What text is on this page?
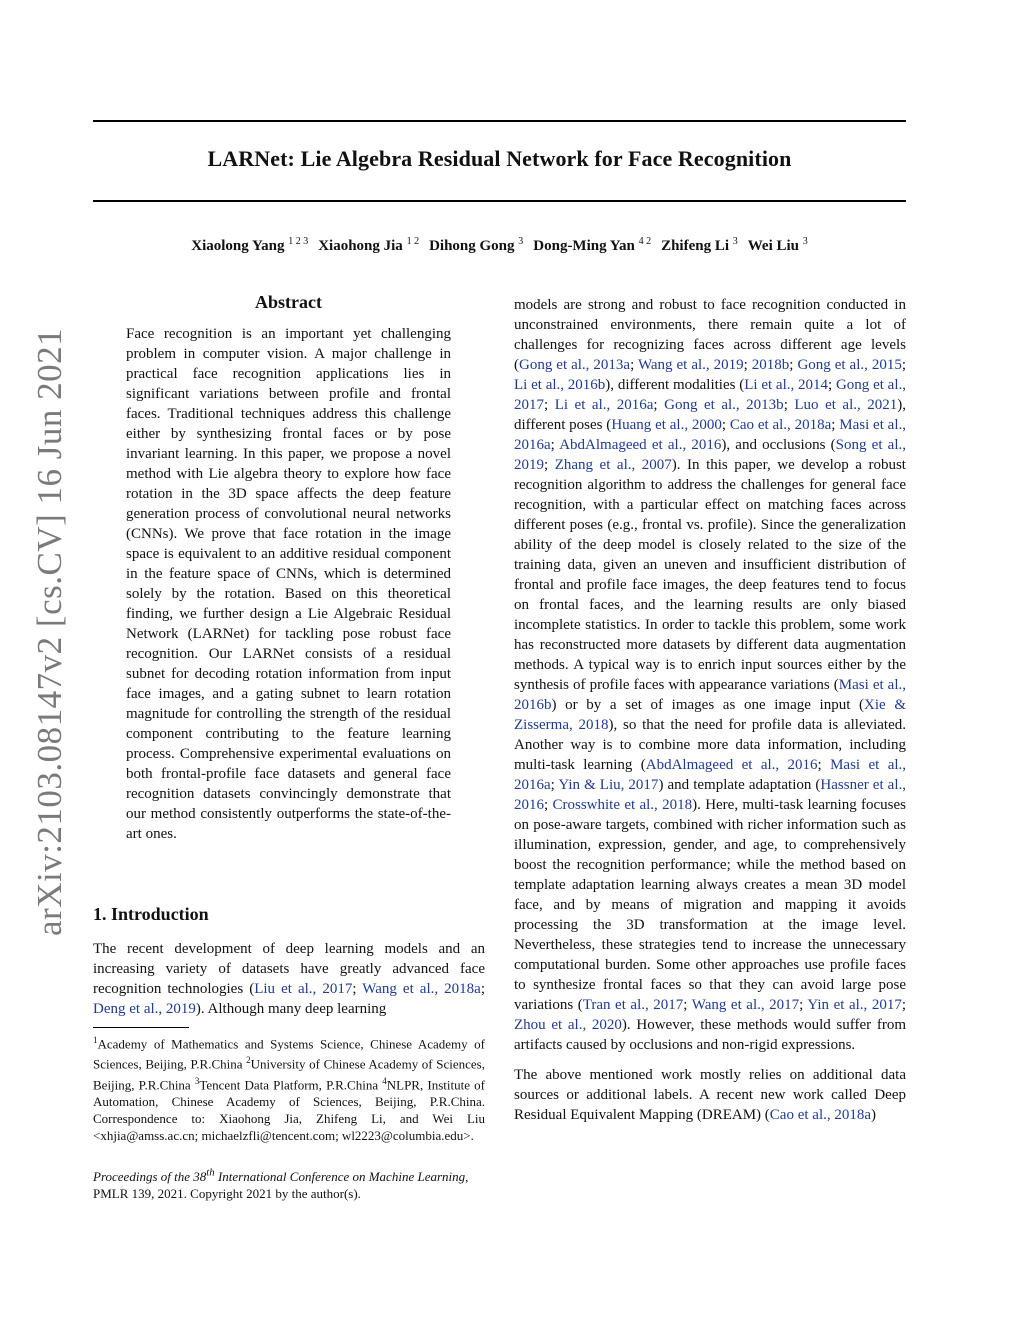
LARNet: Lie Algebra Residual Network for Face Recognition
Xiaolong Yang $^{1 2 3}$ Xiaohong Jia $^{1 2}$ Dihong Gong $^3$ Dong-Ming Yan $^{4 2}$ Zhifeng Li $^3$ Wei Liu $^3$
arXiv:2103.08147v2 [cs.CV] 16 Jun 2021
Abstract
Face recognition is an important yet challenging problem in computer vision. A major challenge in practical face recognition applications lies in significant variations between profile and frontal faces. Traditional techniques address this challenge either by synthesizing frontal faces or by pose invariant learning. In this paper, we propose a novel method with Lie algebra theory to explore how face rotation in the 3D space affects the deep feature generation process of convolutional neural networks (CNNs). We prove that face rotation in the image space is equivalent to an additive residual component in the feature space of CNNs, which is determined solely by the rotation. Based on this theoretical finding, we further design a Lie Algebraic Residual Network (LARNet) for tackling pose robust face recognition. Our LARNet consists of a residual subnet for decoding rotation information from input face images, and a gating subnet to learn rotation magnitude for controlling the strength of the residual component contributing to the feature learning process. Comprehensive experimental evaluations on both frontal-profile face datasets and general face recognition datasets convincingly demonstrate that our method consistently outperforms the state-of-the-art ones.
1. Introduction
The recent development of deep learning models and an increasing variety of datasets have greatly advanced face recognition technologies (Liu et al., 2017; Wang et al., 2018a; Deng et al., 2019). Although many deep learning
$^1$Academy of Mathematics and Systems Science, Chinese Academy of Sciences, Beijing, P.R.China $^2$University of Chinese Academy of Sciences, Beijing, P.R.China $^3$Tencent Data Platform, P.R.China $^4$NLPR, Institute of Automation, Chinese Academy of Sciences, Beijing, P.R.China. Correspondence to: Xiaohong Jia, Zhifeng Li, and Wei Liu <xhjia@amss.ac.cn; michaelzfli@tencent.com; wl2223@columbia.edu>.
Proceedings of the 38th International Conference on Machine Learning, PMLR 139, 2021. Copyright 2021 by the author(s).

models are strong and robust to face recognition conducted in unconstrained environments, there remain quite a lot of challenges for recognizing faces across different age levels (Gong et al., 2013a; Wang et al., 2019; 2018b; Gong et al., 2015; Li et al., 2016b), different modalities (Li et al., 2014; Gong et al., 2017; Li et al., 2016a; Gong et al., 2013b; Luo et al., 2021), different poses (Huang et al., 2000; Cao et al., 2018a; Masi et al., 2016a; AbdAlmageed et al., 2016), and occlusions (Song et al., 2019; Zhang et al., 2007). In this paper, we develop a robust recognition algorithm to address the challenges for general face recognition, with a particular effect on matching faces across different poses (e.g., frontal vs. profile). Since the generalization ability of the deep model is closely related to the size of the training data, given an uneven and insufficient distribution of frontal and profile face images, the deep features tend to focus on frontal faces, and the learning results are only biased incomplete statistics. In order to tackle this problem, some work has reconstructed more datasets by different data augmentation methods. A typical way is to enrich input sources either by the synthesis of profile faces with appearance variations (Masi et al., 2016b) or by a set of images as one image input (Xie & Zisserma, 2018), so that the need for profile data is alleviated. Another way is to combine more data information, including multi-task learning (AbdAlmageed et al., 2016; Masi et al., 2016a; Yin & Liu, 2017) and template adaptation (Hassner et al., 2016; Crosswhite et al., 2018). Here, multi-task learning focuses on pose-aware targets, combined with richer information such as illumination, expression, gender, and age, to comprehensively boost the recognition performance; while the method based on template adaptation learning always creates a mean 3D model face, and by means of migration and mapping it avoids processing the 3D transformation at the image level. Nevertheless, these strategies tend to increase the unnecessary computational burden. Some other approaches use profile faces to synthesize frontal faces so that they can avoid large pose variations (Tran et al., 2017; Wang et al., 2017; Yin et al., 2017; Zhou et al., 2020). However, these methods would suffer from artifacts caused by occlusions and non-rigid expressions.

The above mentioned work mostly relies on additional data sources or additional labels. A recent new work called Deep Residual Equivalent Mapping (DREAM) (Cao et al., 2018a)
